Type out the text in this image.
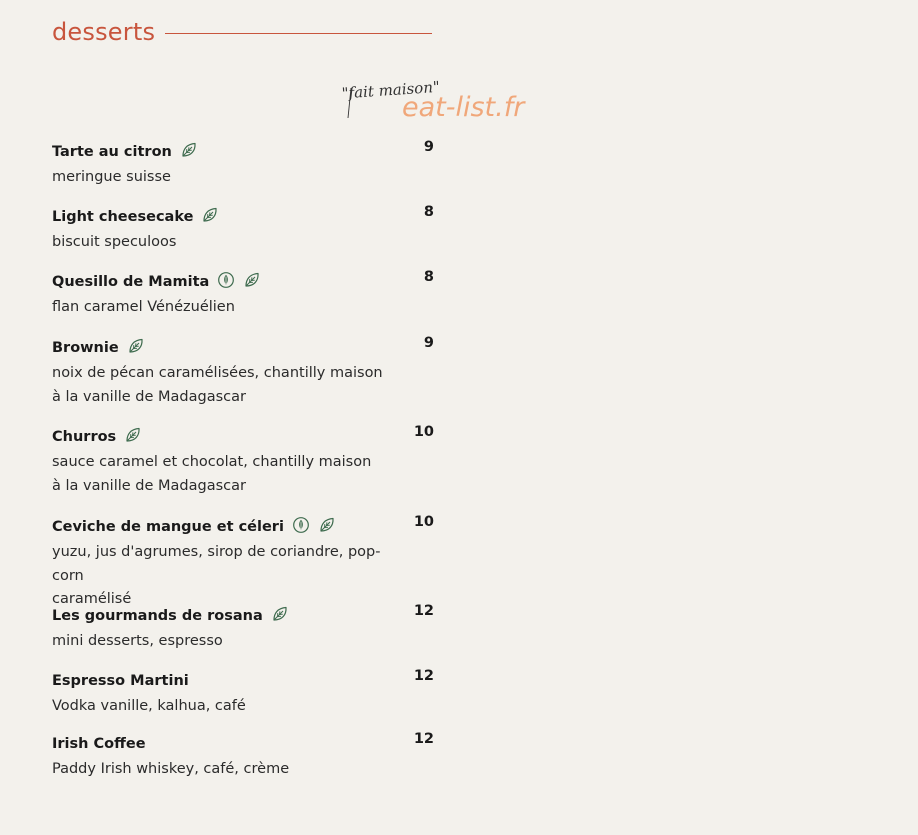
desserts
"fait maison"
eat-list.fr
Tarte au citron	9
meringue suisse
Light cheesecake	8
biscuit speculoos
Quesillo de Mamita	8
flan caramel Vénézuélien
Brownie	9
noix de pécan caramélisées, chantilly maison
à la vanille de Madagascar
Churros	10
sauce caramel et chocolat, chantilly maison
à la vanille de Madagascar
Ceviche de mangue et céleri	10
yuzu, jus d'agrumes, sirop de coriandre, pop-corn
caramélisé
Les gourmands de rosana	12
mini desserts, espresso
Espresso Martini	12
Vodka vanille, kalhua, café
Irish Coffee	12
Paddy Irish whiskey, café, crème
